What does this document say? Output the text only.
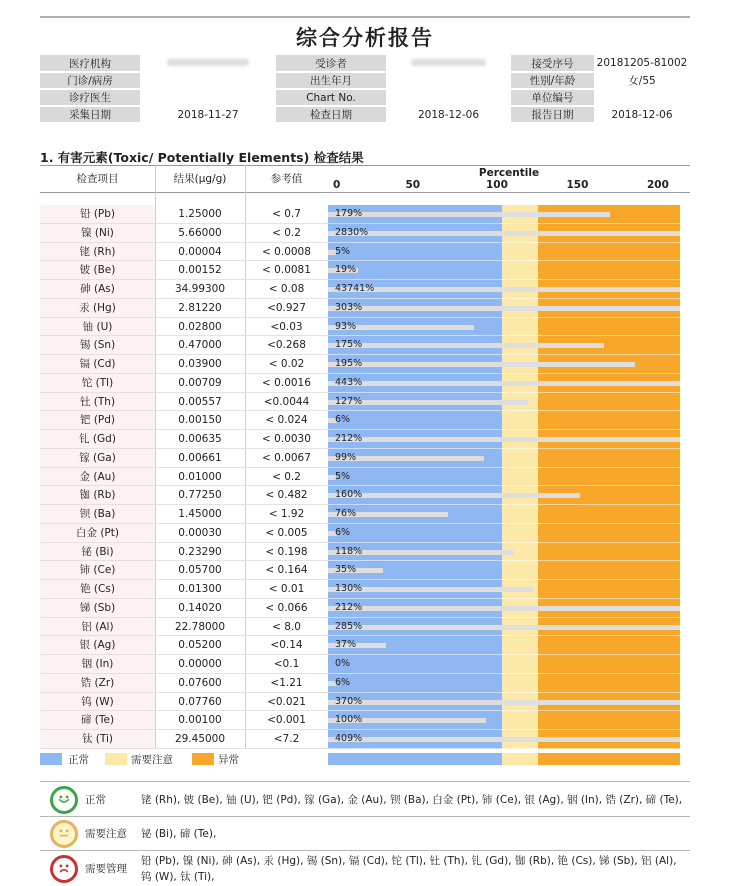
综合分析报告
医疗机构		受诊者		接受序号	20181205-81002
门诊/病房		出生年月		性别/年龄	女/55
诊疗医生		Chart No.		单位编号	
采集日期	2018-11-27	检查日期	2018-12-06	报告日期	2018-12-06
1. 有害元素(Toxic/ Potentially Elements) 检查结果
检查项目	结果(μg/g)	参考值	Percentile
0	50	100	150	200
铅 (Pb)	1.25000	< 0.7	179%
镍 (Ni)	5.66000	< 0.2	2830%
铑 (Rh)	0.00004	< 0.0008	5%
铍 (Be)	0.00152	< 0.0081	19%
砷 (As)	34.99300	< 0.08	43741%
汞 (Hg)	2.81220	<0.927	303%
铀 (U)	0.02800	<0.03	93%
锡 (Sn)	0.47000	<0.268	175%
镉 (Cd)	0.03900	< 0.02	195%
铊 (Tl)	0.00709	< 0.0016	443%
钍 (Th)	0.00557	<0.0044	127%
钯 (Pd)	0.00150	< 0.024	6%
钆 (Gd)	0.00635	< 0.0030	212%
镓 (Ga)	0.00661	< 0.0067	99%
金 (Au)	0.01000	< 0.2	5%
铷 (Rb)	0.77250	< 0.482	160%
钡 (Ba)	1.45000	< 1.92	76%
白金 (Pt)	0.00030	< 0.005	6%
铋 (Bi)	0.23290	< 0.198	118%
铈 (Ce)	0.05700	< 0.164	35%
铯 (Cs)	0.01300	< 0.01	130%
锑 (Sb)	0.14020	< 0.066	212%
铝 (Al)	22.78000	< 8.0	285%
银 (Ag)	0.05200	<0.14	37%
铟 (In)	0.00000	<0.1	0%
锆 (Zr)	0.07600	<1.21	6%
钨 (W)	0.07760	<0.021	370%
碲 (Te)	0.00100	<0.001	100%
钛 (Ti)	29.45000	<7.2	409%
正常	需要注意	异常
正常	铑 (Rh), 铍 (Be), 铀 (U), 钯 (Pd), 镓 (Ga), 金 (Au), 钡 (Ba), 白金 (Pt), 铈 (Ce), 银 (Ag), 铟 (In), 锆 (Zr), 碲 (Te),
需要注意 铋 (Bi), 碲 (Te),
需要管理
铅 (Pb), 镍 (Ni), 砷 (As), 汞 (Hg), 锡 (Sn), 镉 (Cd), 铊 (Tl), 钍 (Th), 钆 (Gd), 铷 (Rb), 铯 (Cs), 锑 (Sb), 铝 (Al), 钨 (W), 钛 (Ti),
